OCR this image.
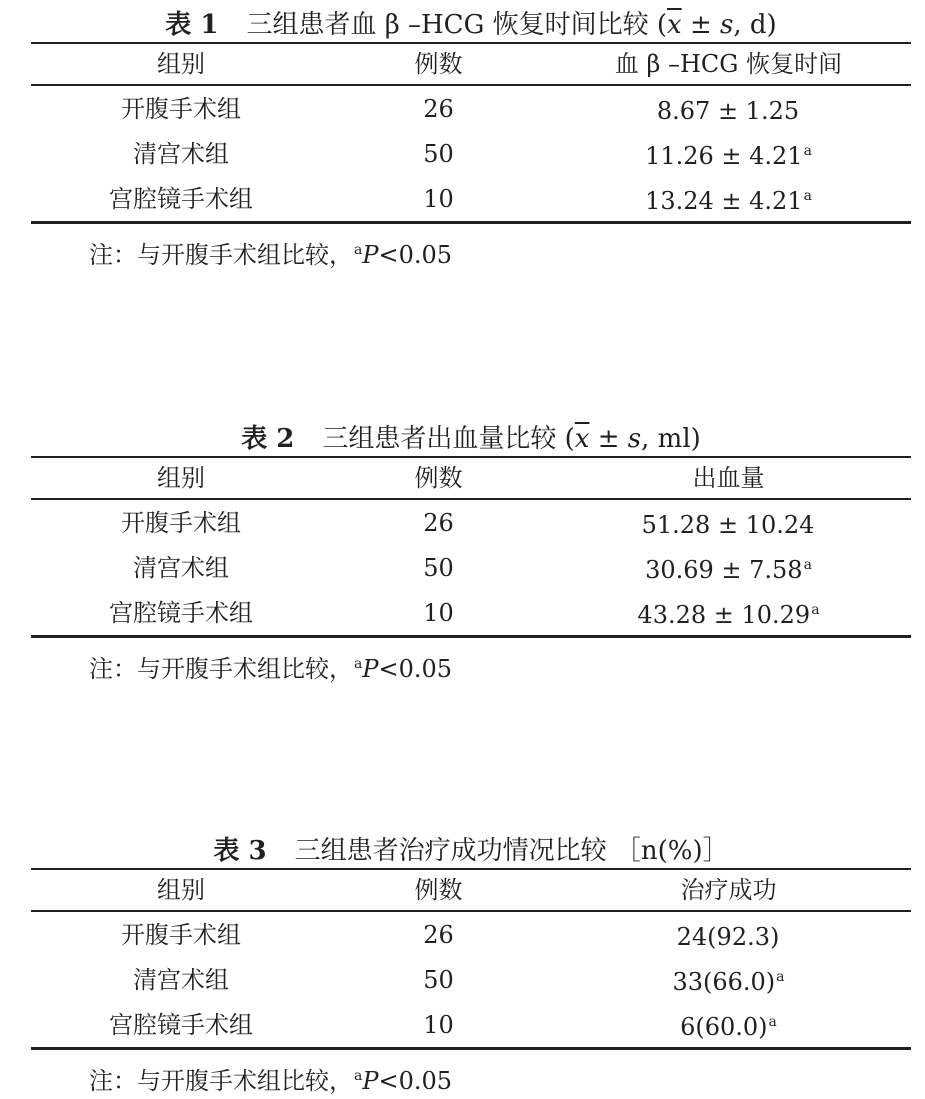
表 1 三组患者血 β –HCG 恢复时间比较 ($\overline{x} \pm s$, d)
组别	例数	血 β –HCG 恢复时间
开腹手术组	26	8.67 ± 1.25
清宫术组	50	11.26 ± 4.21$^a$
宫腔镜手术组	10	13.24 ± 4.21$^a$
注：与开腹手术组比较，$^a$P<0.05
表 2 三组患者出血量比较 ($\overline{x} \pm s$, ml)
组别	例数	出血量
开腹手术组	26	51.28 ± 10.24
清宫术组	50	30.69 ± 7.58$^a$
宫腔镜手术组	10	43.28 ± 10.29$^a$
注：与开腹手术组比较，$^a$P<0.05
表 3 三组患者治疗成功情况比较 ［n(%)］
组别	例数	治疗成功
开腹手术组	26	24(92.3)
清宫术组	50	$33(66.0)^a$
宫腔镜手术组	10	$6(60.0)^a$
注：与开腹手术组比较，$^a$P<0.05
